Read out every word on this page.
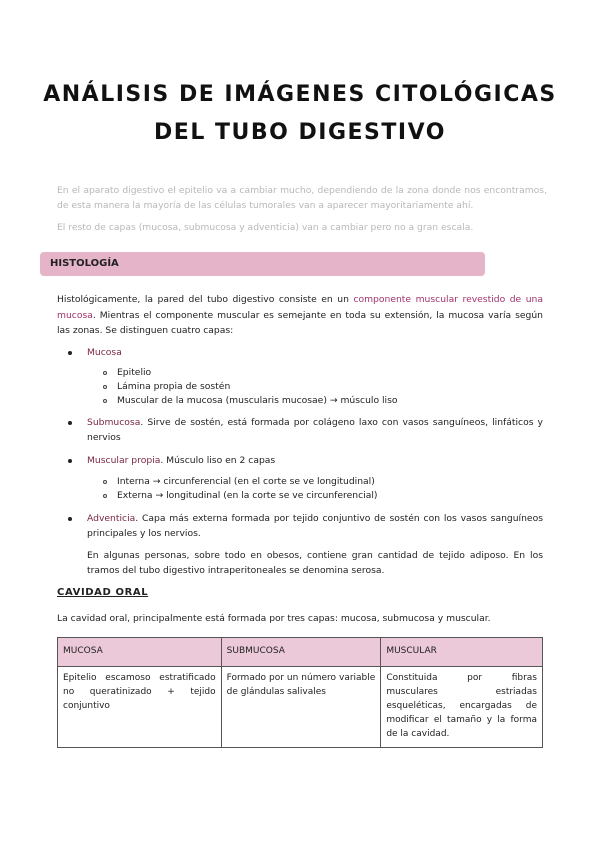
ANÁLISIS DE IMÁGENES CITOLÓGICAS
DEL TUBO DIGESTIVO
En el aparato digestivo el epitelio va a cambiar mucho, dependiendo de la zona donde nos encontramos, de esta manera la mayoría de las células tumorales van a aparecer mayoritariamente ahí.
El resto de capas (mucosa, submucosa y adventicia) van a cambiar pero no a gran escala.
HISTOLOGÍA
Histológicamente, la pared del tubo digestivo consiste en un componente muscular revestido de una mucosa. Mientras el componente muscular es semejante en toda su extensión, la mucosa varía según las zonas. Se distinguen cuatro capas:
Mucosa
Epitelio
Lámina propia de sostén
Muscular de la mucosa (muscularis mucosae) → músculo liso
Submucosa. Sirve de sostén, está formada por colágeno laxo con vasos sanguíneos, linfáticos y nervios
Muscular propia. Músculo liso en 2 capas
Interna → circunferencial (en el corte se ve longitudinal)
Externa → longitudinal (en la corte se ve circunferencial)
Adventicia. Capa más externa formada por tejido conjuntivo de sostén con los vasos sanguíneos principales y los nervios.
En algunas personas, sobre todo en obesos, contiene gran cantidad de tejido adiposo. En los tramos del tubo digestivo intraperitoneales se denomina serosa.
CAVIDAD ORAL
La cavidad oral, principalmente está formada por tres capas: mucosa, submucosa y muscular.
MUCOSA	SUBMUCOSA	MUSCULAR
Epitelio escamoso estratificado no queratinizado + tejido conjuntivo	Formado por un número variable de glándulas salivales	Constituida por fibras musculares estriadas esqueléticas, encargadas de modificar el tamaño y la forma de la cavidad.
